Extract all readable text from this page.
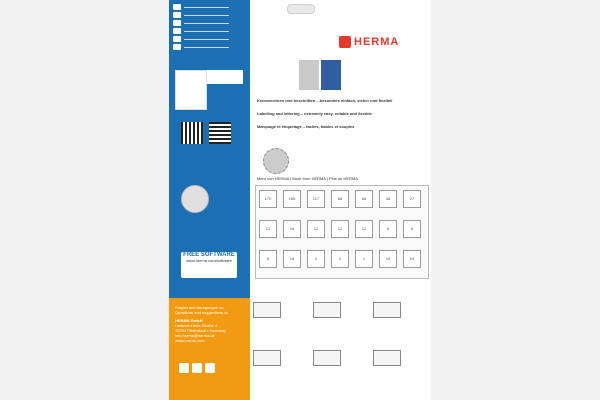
FREE SOFTWARE
www.herma.com/software
Fragen und Anregungen zu
Questions and suggestions to
HERMA GmbH
Heinrich-Hertz-Straße 4
70794 Filderstadt • Germany
info.herma@herma.de
www.herma.com
HERMA
Kennzeichnen und beschriften – besonders einfach, sicher und flexibel
Labelling and lettering – extremely easy, reliable and flexible
Marquage et étiquetage – faciles, fiables et souples
Mehr von HERMA | More from HERMA | Plus de HERMA
170	185	117	88	66	48	27
21	18	12	12	12	8	6
8	16	4	2	1	10	24
